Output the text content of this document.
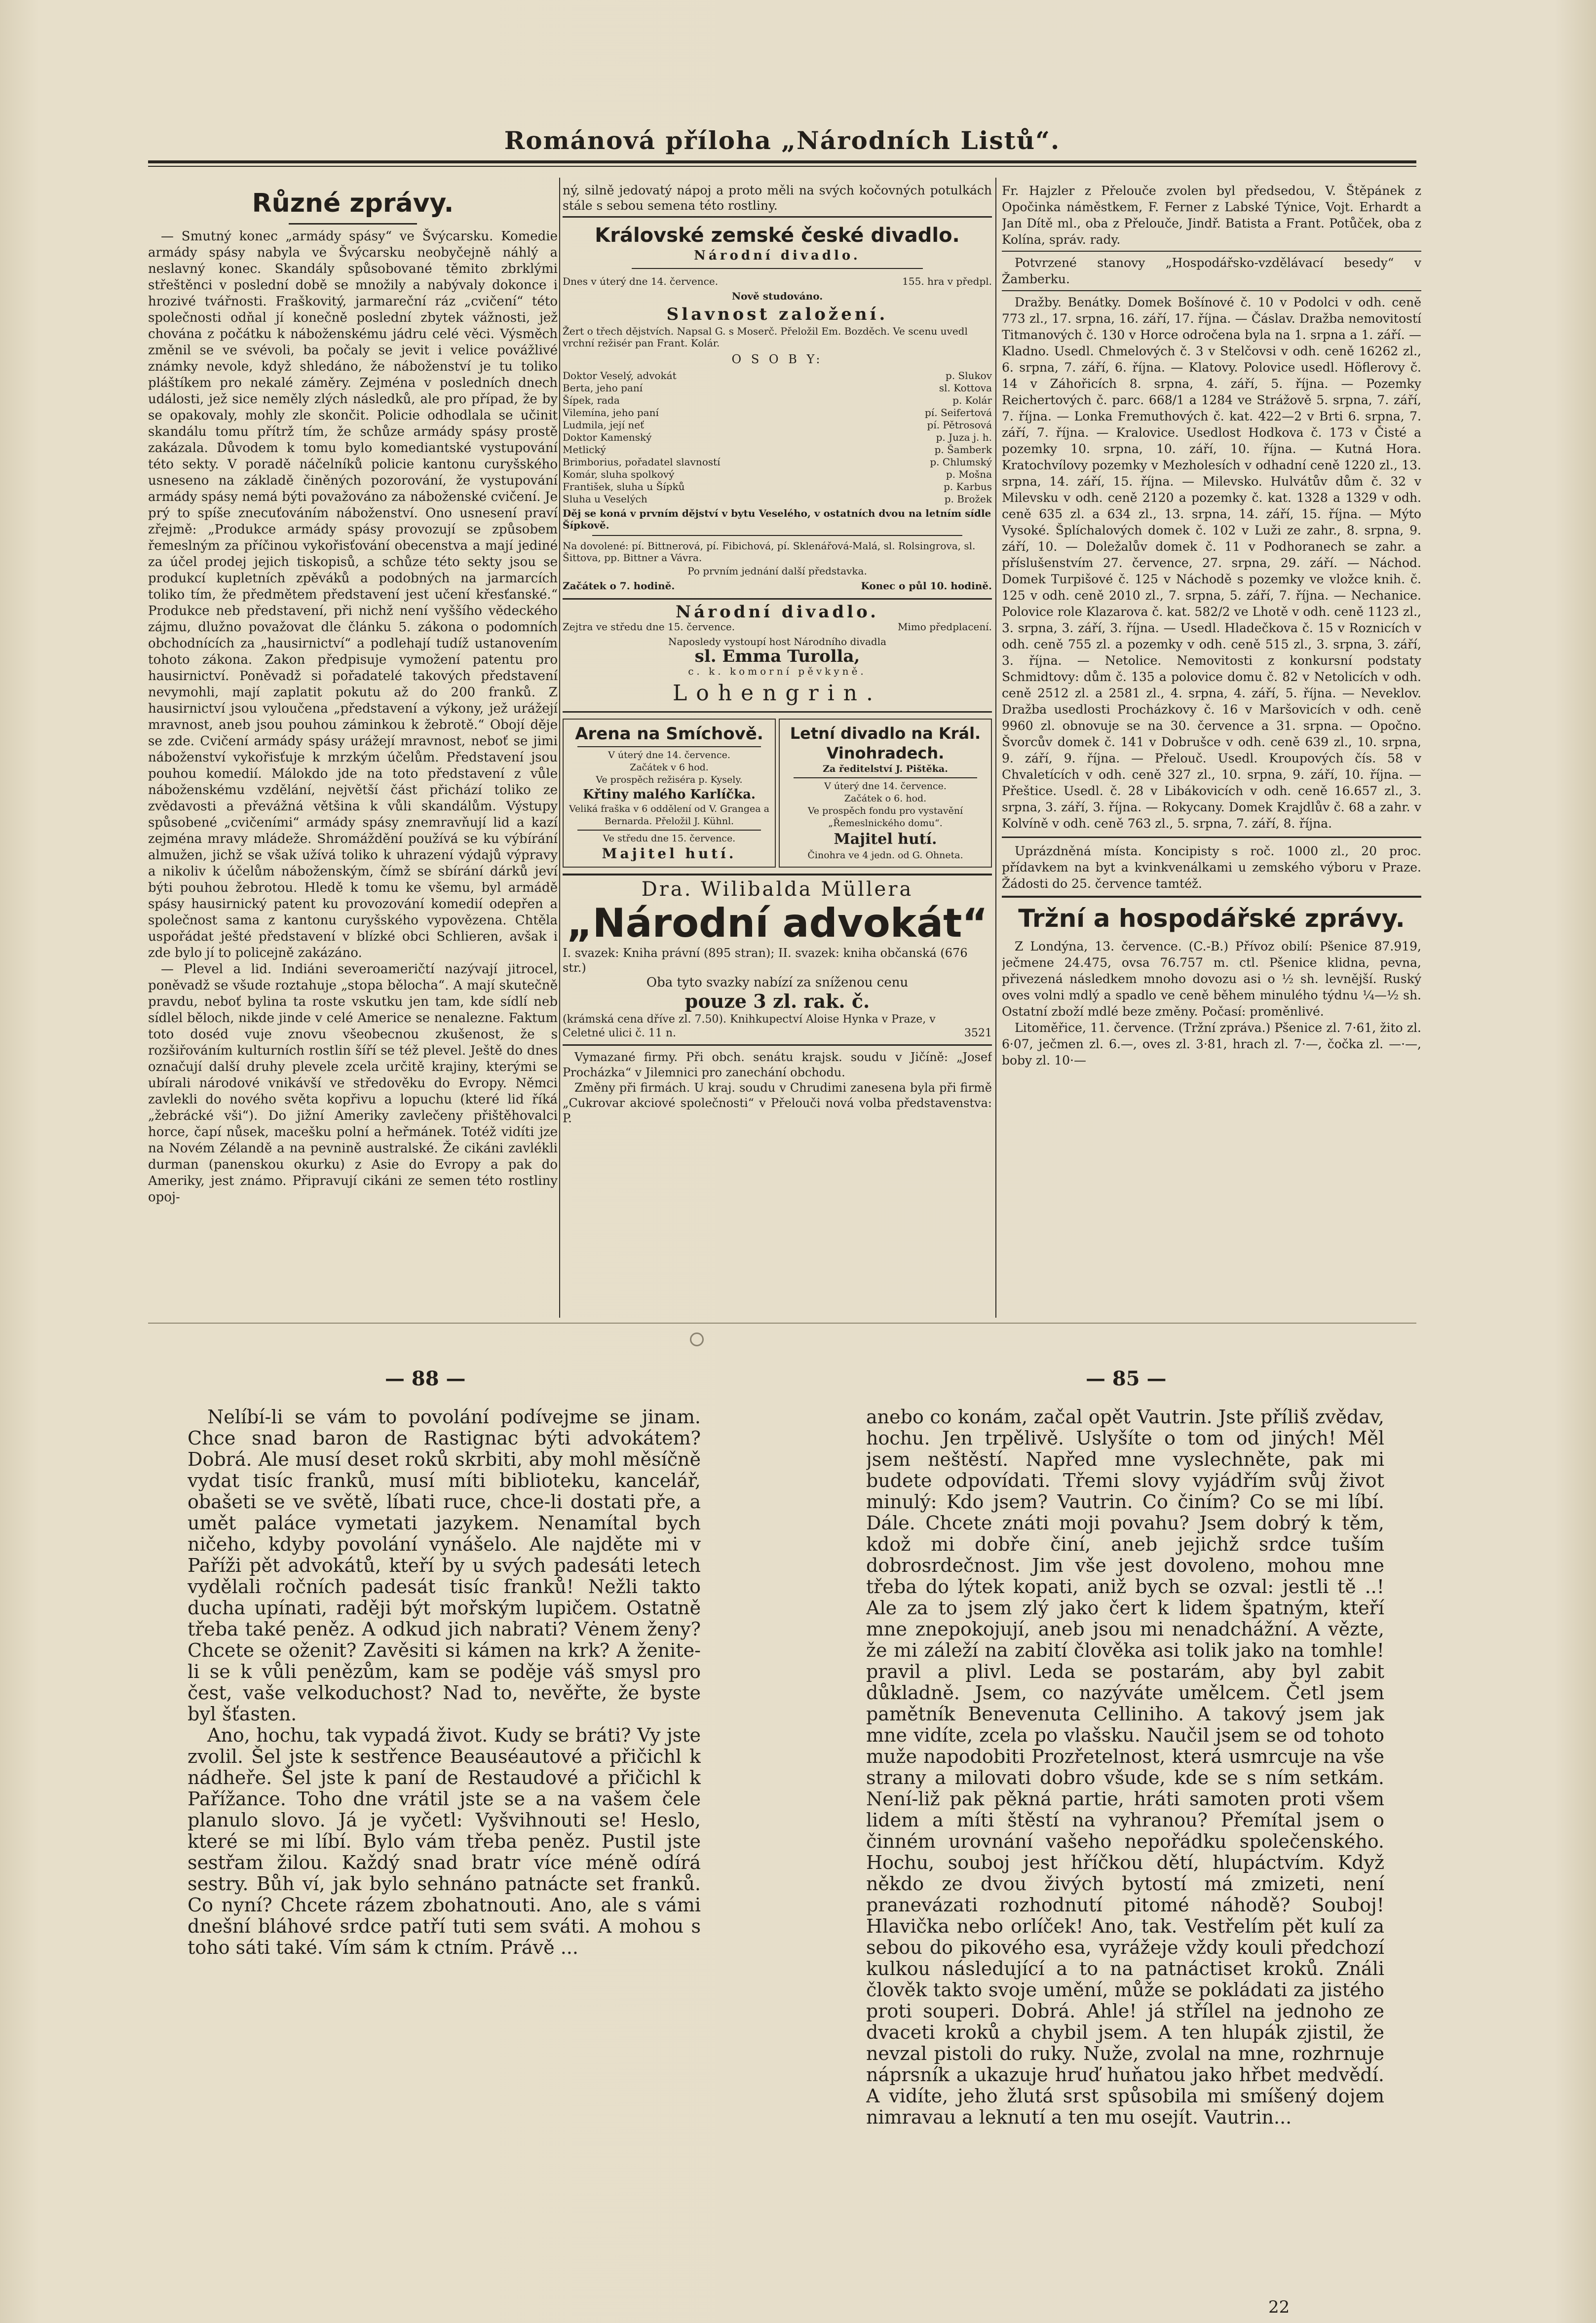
Románová příloha „Národních Listů“.
Různé zprávy.

— Smutný konec „armády spásy“ ve Švýcarsku. Komedie armády spásy nabyla ve Švýcarsku neobyčejně náhlý a neslavný konec. Skandály spůsobované těmito zbrklými střeštěnci v poslední době se množily a nabývaly dokonce i hrozivé tvářnosti. Fraškovitý, jarmareční ráz „cvičení“ této společnosti odňal jí konečně poslední zbytek vážnosti, jež chována z počátku k náboženskému jádru celé věci. Výsměch změnil se ve svévoli, ba počaly se jevit i velice povážlivé známky nevole, když shledáno, že náboženství je tu toliko pláštíkem pro nekalé záměry. Zejména v posledních dnech události, jež sice neměly zlých následků, ale pro případ, že by se opakovaly, mohly zle skončit. Policie odhodlala se učinit skandálu tomu přítrž tím, že schůze armády spásy prostě zakázala. Důvodem k tomu bylo komediantské vystupování této sekty. V poradě náčelníků policie kantonu curyšského usneseno na základě činěných pozorování, že vystupování armády spásy nemá býti považováno za náboženské cvičení. Je prý to spíše znecuťováním náboženství. Ono usnesení praví zřejmě: „Produkce armády spásy provozují se způsobem řemeslným za příčinou vykořisťování obecenstva a mají jediné za účel prodej jejich tiskopisů, a schůze této sekty jsou se produkcí kupletních zpěváků a podobných na jarmarcích toliko tím, že předmětem představení jest učení křesťanské.“ Produkce neb představení, při nichž není vyššího vědeckého zájmu, dlužno považovat dle článku 5. zákona o podomních obchodnících za „hausirnictví“ a podlehají tudíž ustanovením tohoto zákona. Zakon předpisuje vymožení patentu pro hausirnictví. Poněvadž si pořadatelé takových představení nevymohli, mají zaplatit pokutu až do 200 franků. Z hausirnictví jsou vyloučena „představení a výkony, jež urážejí mravnost, aneb jsou pouhou záminkou k žebrotě.“ Obojí děje se zde. Cvičení armády spásy urážejí mravnost, neboť se jimi náboženství vykořisťuje k mrzkým účelům. Představení jsou pouhou komedií. Málokdo jde na toto představení z vůle náboženskému vzdělání, největší část přichází toliko ze zvědavosti a převážná většina k vůli skandálům. Výstupy spůsobené „cvičeními“ armády spásy znemravňují lid a kazí zejména mravy mládeže. Shromáždění používá se ku výbírání almužen, jichž se však užívá toliko k uhrazení výdajů výpravy a nikoliv k účelům náboženským, čímž se sbírání dárků jeví býti pouhou žebrotou. Hledě k tomu ke všemu, byl armádě spásy hausirnický patent ku provozování komedií odepřen a společnost sama z kantonu curyšského vypovězena. Chtěla uspořádat ješté představení v blízké obci Schlieren, avšak i zde bylo jí to policejně zakázáno.

— Plevel a lid. Indiáni severoameričtí nazývají jitrocel, poněvadž se všude roztahuje „stopa bělocha“. A mají skutečně pravdu, neboť bylina ta roste vskutku jen tam, kde sídlí neb sídlel běloch, nikde jinde v celé Americe se nenalezne. Faktum toto doséd vuje znovu všeobecnou zkušenost, že s rozšiřováním kulturních rostlin šíří se též plevel. Ještě do dnes označují další druhy plevele zcela určitě krajiny, kterými se ubírali národové vnikávší ve středověku do Evropy. Němci zavlekli do nového světa kopřivu a lopuchu (které lid říká „žebrácké vši“). Do jižní Ameriky zavlečeny přištěhovalci horce, čapí nůsek, macešku polní a heřmánek. Totéž vidíti jze na Novém Zélandě a na pevnině australské. Že cikáni zavlékli durman (panenskou okurku) z Asie do Evropy a pak do Ameriky, jest známo. Připravují cikáni ze semen této rostliny opoj-

ný, silně jedovatý nápoj a proto měli na svých kočovných potulkách stále s sebou semena této rostliny.

Královské zemské české divadlo.
Národní divadlo.
Dnes v úterý dne 14. července.	155. hra v předpl.
Nově studováno.
Slavnost založení.
Žert o třech dějstvích. Napsal G. s Moserč. Přeložil Em. Bozděch. Ve scenu uvedl vrchní režisér pan Frant. Kolár.
O S O B Y:
Doktor Veselý, advokát	p. Slukov
Berta, jeho paní	sl. Kottova
Šípek, rada	p. Kolár
Vilemína, jeho paní	pí. Seifertová
Ludmila, její neť	pí. Pětrosová
Doktor Kamenský	p. Juza j. h.
Metlický	p. Šamberk
Brimborius, pořadatel slavností	p. Chlumský
Komár, sluha spolkový	p. Mošna
František, sluha u Šípků	p. Karbus
Sluha u Veselých	p. Brožek
Děj se koná v prvním dějství v bytu Veselého, v ostatních dvou na letním sídle Šípkově.
Na dovolené: pí. Bittnerová, pí. Fibichová, pí. Sklenářová-Malá, sl. Rolsingrova, sl. Šittova, pp. Bittner a Vávra.
Po prvním jednání další představka.
Začátek o 7. hodině.	Konec o půl 10. hodině.
Národní divadlo.
Zejtra ve středu dne 15. července.	Mimo předplacení.
Naposledy vystoupí host Národního divadla
sl. Emma Turolla,
c. k. komorní pěvkyně.
Lohengrin.
Arena na Smíchově.
V úterý dne 14. července.
Začátek v 6 hod.
Ve prospěch režiséra p. Kysely.
Křtiny malého Karlíčka.
Veliká fraška v 6 oddělení od V. Grangea a Bernarda. Přeložil J. Kühnl.
Ve středu dne 15. července.
Majitel hutí.
Letní divadlo na Král. Vinohradech.
Za ředitelství J. Pištěka.
V úterý dne 14. července.
Začátek o 6. hod.
Ve prospěch fondu pro vystavění „Řemeslnického domu“.
Majitel hutí.
Činohra ve 4 jedn. od G. Ohneta.
Dra. Wilibalda Müllera
„Národní advokát“
I. svazek: Kniha právní (895 stran); II. svazek: kniha občanská (676 str.)
Oba tyto svazky nabízí za sníženou cenu
pouze 3 zl. rak. č.
(krámská cena dříve zl. 7.50). Knihkupectví Aloise Hynka v Praze, v Celetné ulici č. 11 n.	3521

Vymazané firmy. Při obch. senátu krajsk. soudu v Jičíně: „Josef Procházka“ v Jilemnici pro zanechání obchodu.

Změny při firmách. U kraj. soudu v Chrudimi zanesena byla při firmě „Cukrovar akciové společnosti“ v Přelouči nová volba představenstva: P.

Fr. Hajzler z Přelouče zvolen byl předsedou, V. Štěpánek z Opočinka náměstkem, F. Ferner z Labské Týnice, Vojt. Erhardt a Jan Dítě ml., oba z Přelouče, Jindř. Batista a Frant. Potůček, oba z Kolína, správ. rady.

Potvrzené stanovy „Hospodářsko-vzdělávací besedy“ v Žamberku.

Dražby. Benátky. Domek Bošínové č. 10 v Podolci v odh. ceně 773 zl., 17. srpna, 16. září, 17. října. — Čáslav. Dražba nemovitostí Titmanových č. 130 v Horce odročena byla na 1. srpna a 1. září. — Kladno. Usedl. Chmelových č. 3 v Stelčovsi v odh. ceně 16262 zl., 6. srpna, 7. září, 6. října. — Klatovy. Polovice usedl. Höflerovy č. 14 v Záhořicích 8. srpna, 4. září, 5. října. — Pozemky Reichertových č. parc. 668/1 a 1284 ve Strážově 5. srpna, 7. září, 7. října. — Lonka Fremuthových č. kat. 422—2 v Brti 6. srpna, 7. září, 7. října. — Kralovice. Usedlost Hodkova č. 173 v Čisté a pozemky 10. srpna, 10. září, 10. října. — Kutná Hora. Kratochvílovy pozemky v Mezholesích v odhadní ceně 1220 zl., 13. srpna, 14. září, 15. října. — Milevsko. Hulvátův dům č. 32 v Milevsku v odh. ceně 2120 a pozemky č. kat. 1328 a 1329 v odh. ceně 635 zl. a 634 zl., 13. srpna, 14. září, 15. října. — Mýto Vysoké. Šplíchalových domek č. 102 v Luži ze zahr., 8. srpna, 9. září, 10. — Doležalův domek č. 11 v Podhoranech se zahr. a příslušenstvím 27. července, 27. srpna, 29. září. — Náchod. Domek Turpišové č. 125 v Náchodě s pozemky ve vložce knih. č. 125 v odh. ceně 2010 zl., 7. srpna, 5. září, 7. října. — Nechanice. Polovice role Klazarova č. kat. 582/2 ve Lhotě v odh. ceně 1123 zl., 3. srpna, 3. září, 3. října. — Usedl. Hladečkova č. 15 v Roznicích v odh. ceně 755 zl. a pozemky v odh. ceně 515 zl., 3. srpna, 3. září, 3. října. — Netolice. Nemovitosti z konkursní podstaty Schmidtovy: dům č. 135 a polovice domu č. 82 v Netolicích v odh. ceně 2512 zl. a 2581 zl., 4. srpna, 4. září, 5. října. — Neveklov. Dražba usedlosti Procházkovy č. 16 v Maršovicích v odh. ceně 9960 zl. obnovuje se na 30. července a 31. srpna. — Opočno. Švorcův domek č. 141 v Dobrušce v odh. ceně 639 zl., 10. srpna, 9. září, 9. října. — Přelouč. Usedl. Kroupových čís. 58 v Chvaletících v odh. ceně 327 zl., 10. srpna, 9. září, 10. října. — Přeštice. Usedl. č. 28 v Libákovicích v odh. ceně 16.657 zl., 3. srpna, 3. září, 3. října. — Rokycany. Domek Krajdlův č. 68 a zahr. v Kolvíně v odh. ceně 763 zl., 5. srpna, 7. září, 8. října.

Uprázdněná místa. Koncipisty s roč. 1000 zl., 20 proc. přídavkem na byt a kvinkvenálkami u zemského výboru v Praze. Žádosti do 25. července tamtéž.

Tržní a hospodářské zprávy.

Z Londýna, 13. července. (C.-B.) Přívoz obilí: Pšenice 87.919, ječmene 24.475, ovsa 76.757 m. ctl. Pšenice klidna, pevna, přivezená následkem mnoho dovozu asi o ½ sh. levnější. Ruský oves volni mdlý a spadlo ve ceně během minulého týdnu ¼—½ sh. Ostatní zboží mdlé beze změny. Počasí: proměnlivé.

Litoměřice, 11. července. (Tržní zpráva.) Pšenice zl. 7·61, žito zl. 6·07, ječmen zl. 6.—, oves zl. 3·81, hrach zl. 7·—, čočka zl. —·—, boby zl. 10·—

— 88 —	— 85 —

Nelíbí-li se vám to povolání podívejme se jinam. Chce snad baron de Rastignac býti advokátem? Dobrá. Ale musí deset roků skrbiti, aby mohl měsíčně vydat tisíc franků, musí míti biblioteku, kancelář, obašeti se ve světě, líbati ruce, chce-li dostati pře, a umět paláce vymetati jazykem. Nenamítal bych ničeho, kdyby povolání vynášelo. Ale najděte mi v Paříži pět advokátů, kteří by u svých padesáti letech vydělali ročních padesát tisíc franků! Nežli takto ducha upínati, raději být mořským lupičem. Ostatně třeba také peněz. A odkud jich nabrati? Vėnem ženy? Chcete se oženit? Zavěsiti si kámen na krk? A ženite-li se k vůli penězům, kam se poděje váš smysl pro čest, vaše velkoduchost? Nad to, nevěřte, že byste byl šťasten.

Ano, hochu, tak vypadá život. Kudy se bráti? Vy jste zvolil. Šel jste k sestřence Beauséautové a přičichl k nádheře. Šel jste k paní de Restaudové a přičichl k Pařížance. Toho dne vrátil jste se a na vašem čele planulo slovo. Já je vyčetl: Vyšvihnouti se! Heslo, které se mi líbí. Bylo vám třeba peněz. Pustil jste sestřam žilou. Každý snad bratr více méně odírá sestry. Bůh ví, jak bylo sehnáno patnácte set franků. Co nyní? Chcete rázem zbohatnouti. Ano, ale s vámi dnešní bláhové srdce patří tuti sem sváti. A mohou s toho sáti také. Vím sám k ctním. Právě ...

anebo co konám, začal opět Vautrin. Jste příliš zvědav, hochu. Jen trpělivě. Uslyšíte o tom od jiných! Měl jsem neštěstí. Napřed mne vyslechněte, pak mi budete odpovídati. Třemi slovy vyjádřím svůj život minulý: Kdo jsem? Vautrin. Co činím? Co se mi líbí. Dále. Chcete znáti moji povahu? Jsem dobrý k těm, kdož mi dobře činí, aneb jejichž srdce tuším dobrosrdečnost. Jim vše jest dovoleno, mohou mne třeba do lýtek kopati, aniž bych se ozval: jestli tě ..! Ale za to jsem zlý jako čert k lidem špatným, kteří mne znepokojují, aneb jsou mi nenadchážní. A vězte, že mi záleží na zabití člověka asi tolik jako na tomhle! pravil a plivl. Leda se postarám, aby byl zabit důkladně. Jsem, co nazýváte umělcem. Četl jsem pamětník Benevenuta Celliniho. A takový jsem jak mne vidíte, zcela po vlašsku. Naučil jsem se od tohoto muže napodobiti Prozřetelnost, která usmrcuje na vše strany a milovati dobro všude, kde se s ním setkám. Není-liž pak pěkná partie, hráti samoten proti všem lidem a míti štěstí na vyhranou? Přemítal jsem o činném urovnání vašeho nepořádku společenského. Hochu, souboj jest hříčkou dětí, hlupáctvím. Když někdo ze dvou živých bytostí má zmizeti, není pranevázati rozhodnutí pitomé náhodě? Souboj! Hlavička nebo orlíček! Ano, tak. Vestřelím pět kulí za sebou do pikového esa, vyrážeje vždy kouli předchozí kulkou následující a to na patnáctiset kroků. Ználi člověk takto svoje umění, může se pokládati za jistého proti souperi. Dobrá. Ahle! já střílel na jednoho ze dvaceti kroků a chybil jsem. A ten hlupák zjistil, že nevzal pistoli do ruky. Nuže, zvolal na mne, rozhrnuje náprsník a ukazuje hruď huňatou jako hřbet medvědí. A vidíte, jeho žlutá srst spůsobila mi smíšený dojem nimravau a leknutí a ten mu osejít. Vautrin...

22
